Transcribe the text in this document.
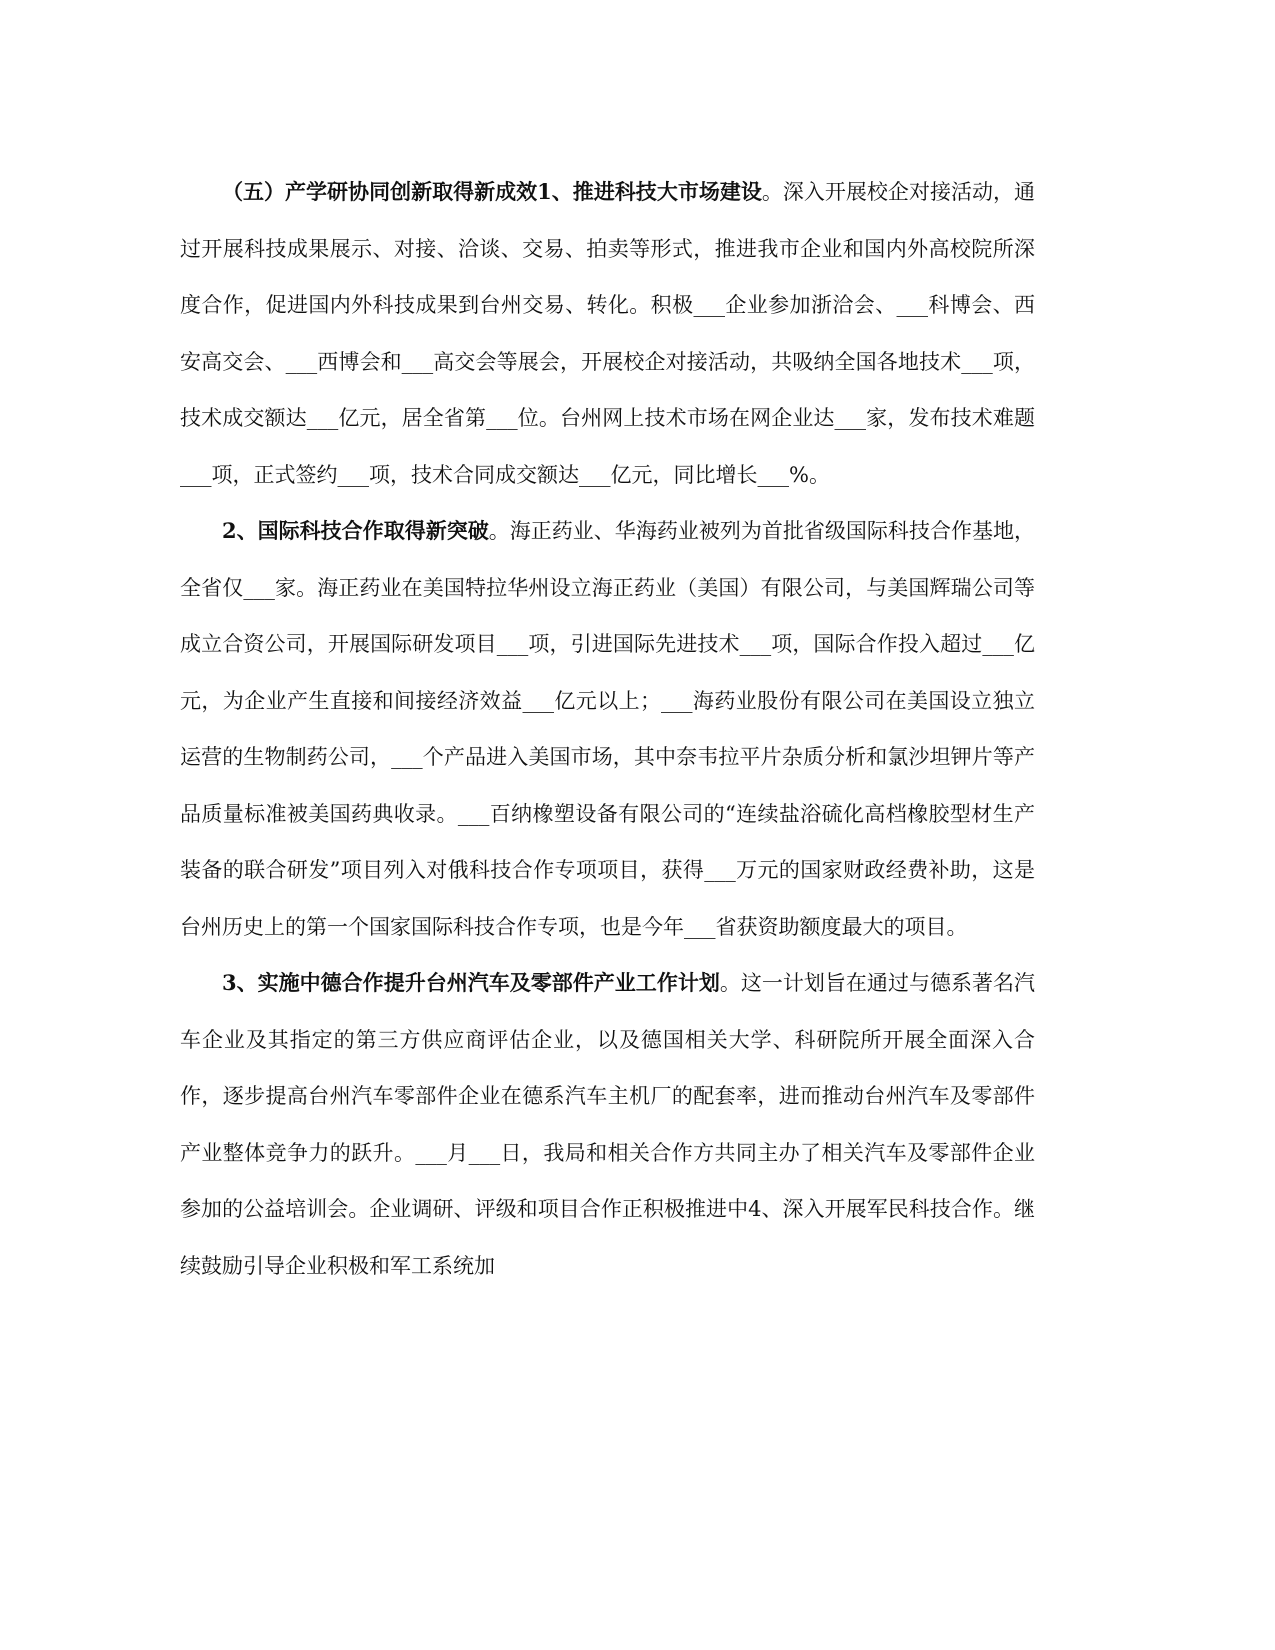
（五）产学研协同创新取得新成效1、推进科技大市场建设。深入开展校企对接活动，通过开展科技成果展示、对接、洽谈、交易、拍卖等形式，推进我市企业和国内外高校院所深度合作，促进国内外科技成果到台州交易、转化。积极___企业参加浙洽会、___科博会、西安高交会、___西博会和___高交会等展会，开展校企对接活动，共吸纳全国各地技术___项，技术成交额达___亿元，居全省第___位。台州网上技术市场在网企业达___家，发布技术难题___项，正式签约___项，技术合同成交额达___亿元，同比增长___%。

2、国际科技合作取得新突破。海正药业、华海药业被列为首批省级国际科技合作基地，全省仅___家。海正药业在美国特拉华州设立海正药业（美国）有限公司，与美国辉瑞公司等成立合资公司，开展国际研发项目___项，引进国际先进技术___项，国际合作投入超过___亿元，为企业产生直接和间接经济效益___亿元以上；___海药业股份有限公司在美国设立独立运营的生物制药公司，___个产品进入美国市场，其中奈韦拉平片杂质分析和氯沙坦钾片等产品质量标准被美国药典收录。___百纳橡塑设备有限公司的“连续盐浴硫化高档橡胶型材生产装备的联合研发”项目列入对俄科技合作专项项目，获得___万元的国家财政经费补助，这是台州历史上的第一个国家国际科技合作专项，也是今年___省获资助额度最大的项目。

3、实施中德合作提升台州汽车及零部件产业工作计划。这一计划旨在通过与德系著名汽车企业及其指定的第三方供应商评估企业，以及德国相关大学、科研院所开展全面深入合作，逐步提高台州汽车零部件企业在德系汽车主机厂的配套率，进而推动台州汽车及零部件产业整体竞争力的跃升。___月___日，我局和相关合作方共同主办了相关汽车及零部件企业参加的公益培训会。企业调研、评级和项目合作正积极推进中4、深入开展军民科技合作。继续鼓励引导企业积极和军工系统加
